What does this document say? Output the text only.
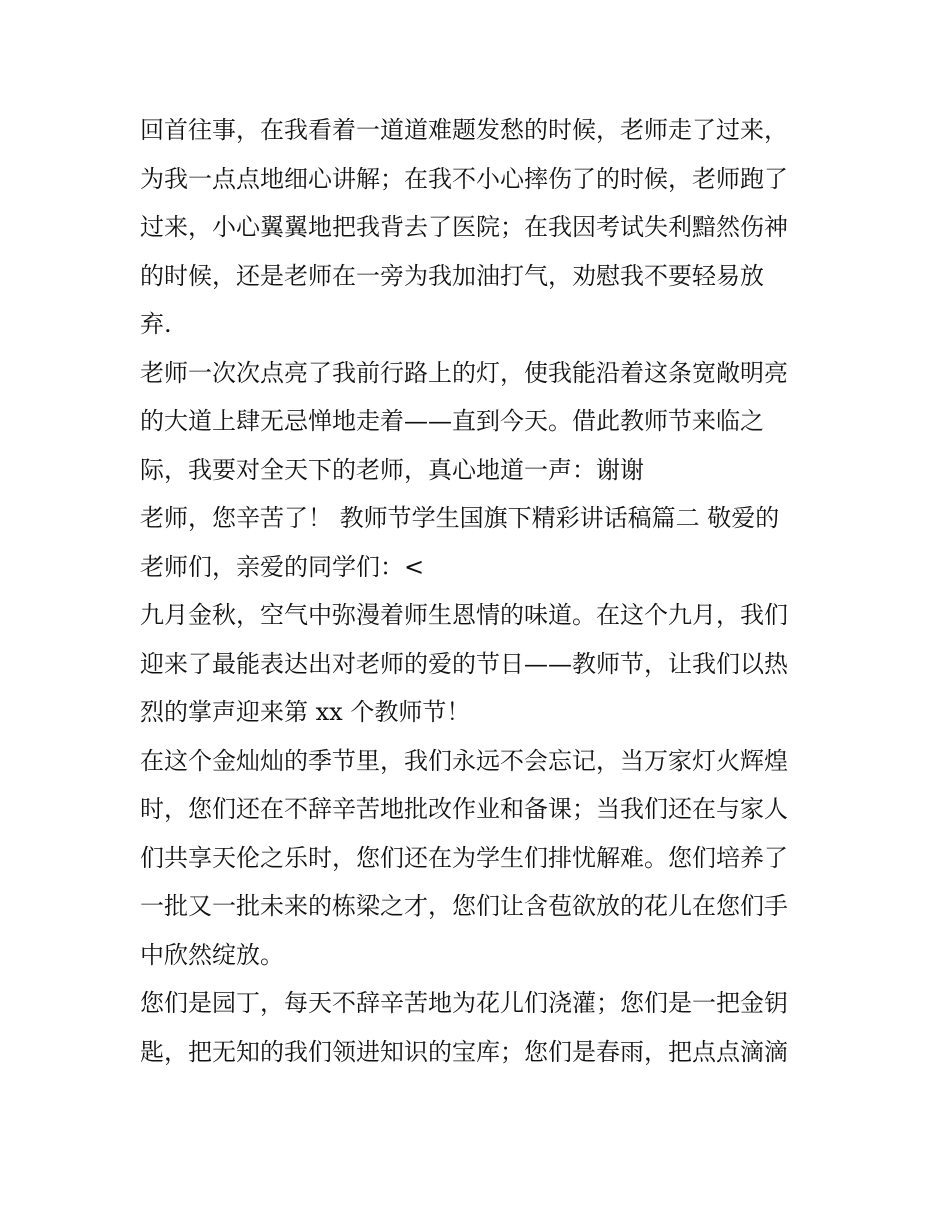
回首往事，在我看着一道道难题发愁的时候，老师走了过来，
为我一点点地细心讲解；在我不小心摔伤了的时候，老师跑了
过来，小心翼翼地把我背去了医院；在我因考试失利黯然伤神
的时候，还是老师在一旁为我加油打气，劝慰我不要轻易放
弃.
老师一次次点亮了我前行路上的灯，使我能沿着这条宽敞明亮
的大道上肆无忌惮地走着——直到今天。借此教师节来临之
际，我要对全天下的老师，真心地道一声：谢谢
老师，您辛苦了！ 教师节学生国旗下精彩讲话稿篇二 敬爱的
老师们，亲爱的同学们：<
九月金秋，空气中弥漫着师生恩情的味道。在这个九月，我们
迎来了最能表达出对老师的爱的节日——教师节，让我们以热
烈的掌声迎来第 xx 个教师节！
在这个金灿灿的季节里，我们永远不会忘记，当万家灯火辉煌
时，您们还在不辞辛苦地批改作业和备课；当我们还在与家人
们共享天伦之乐时，您们还在为学生们排忧解难。您们培养了
一批又一批未来的栋梁之才，您们让含苞欲放的花儿在您们手
中欣然绽放。
您们是园丁，每天不辞辛苦地为花儿们浇灌；您们是一把金钥
匙，把无知的我们领进知识的宝库；您们是春雨，把点点滴滴
